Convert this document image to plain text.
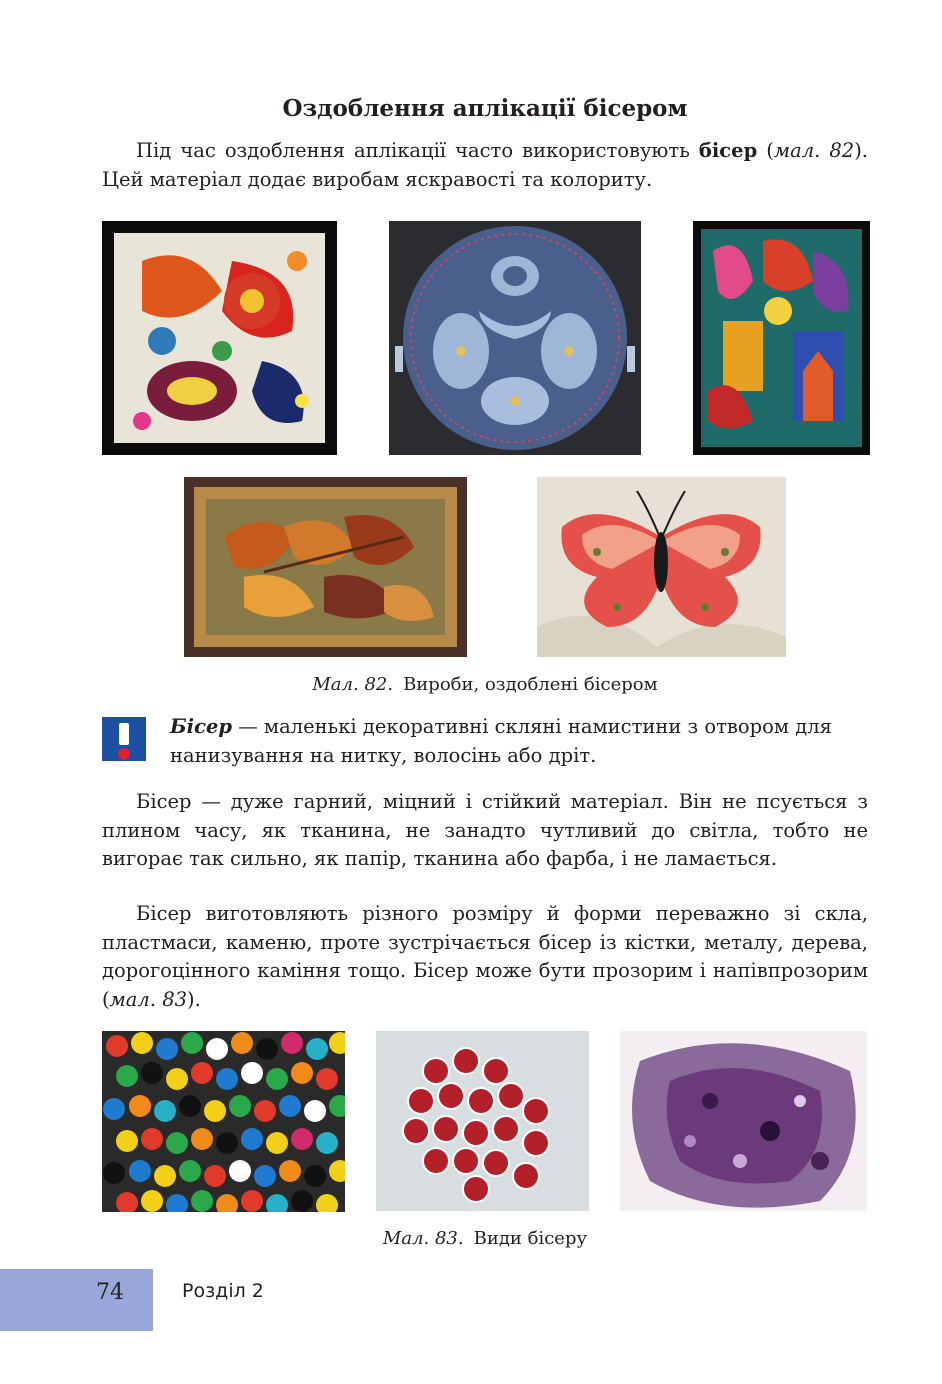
Оздоблення аплікації бісером

Під час оздоблення аплікації часто використовують бісер (мал. 82). Цей матеріал додає виробам яскравості та колориту.

Мал. 82. Вироби, оздоблені бісером

Бісер — маленькі декоративні скляні намистини з отвором для нанизування на нитку, волосінь або дріт.

Бісер — дуже гарний, міцний і стійкий матеріал. Він не псується з плином часу, як тканина, не занадто чутливий до світла, тобто не вигорає так сильно, як папір, тканина або фарба, і не ламається.

Бісер виготовляють різного розміру й форми переважно зі скла, пластмаси, каменю, проте зустрічається бісер із кістки, металу, дерева, дорогоцінного каміння тощо. Бісер може бути прозорим і напівпрозорим (мал. 83).

Мал. 83. Види бісеру
74	Розділ 2
